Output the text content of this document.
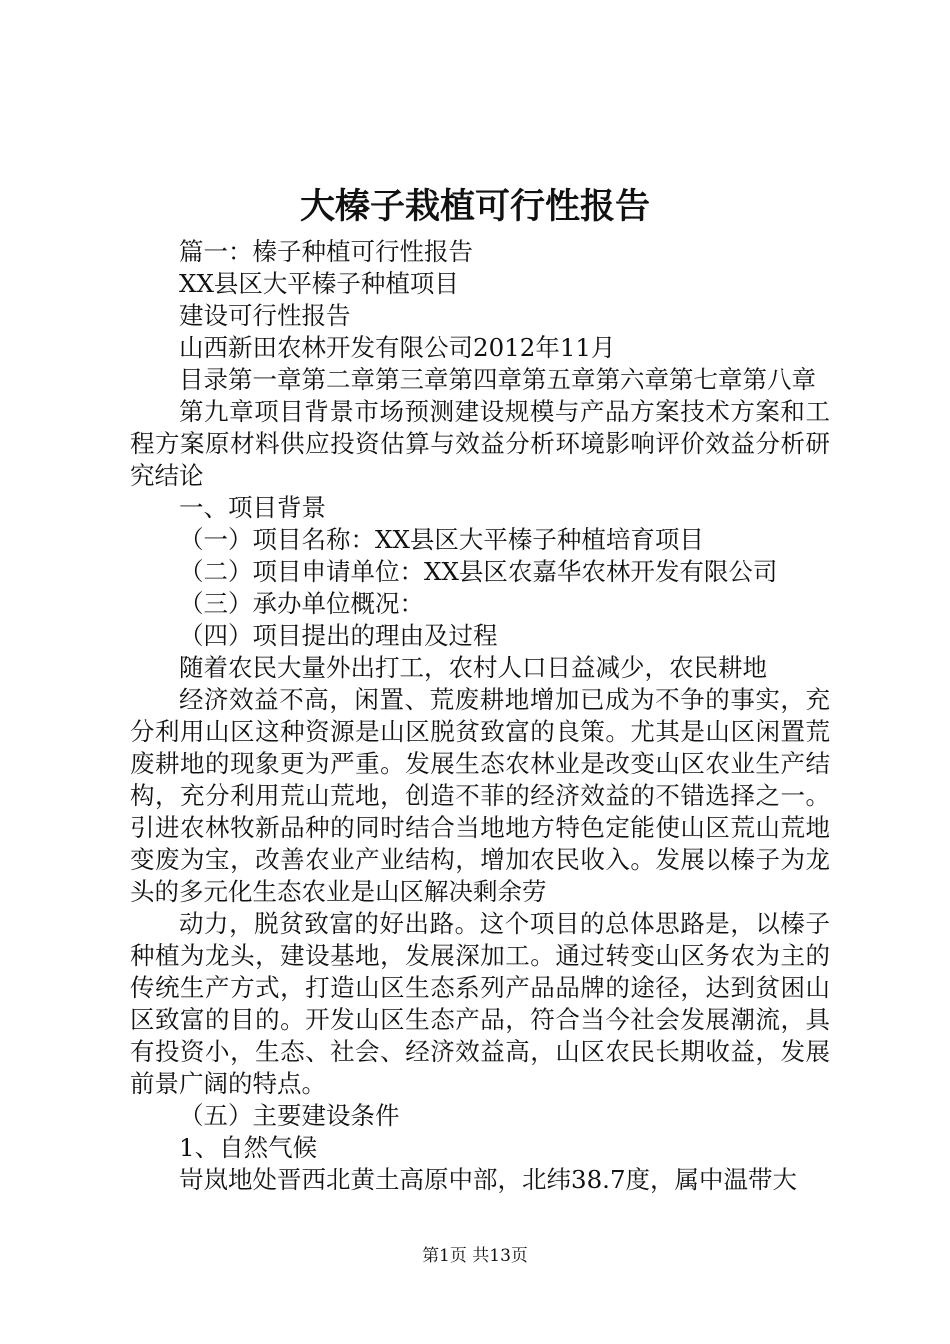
大榛子栽植可行性报告

篇一：榛子种植可行性报告

XX县区大平榛子种植项目

建设可行性报告

山西新田农林开发有限公司2012年11月

目录第一章第二章第三章第四章第五章第六章第七章第八章

第九章项目背景市场预测建设规模与产品方案技术方案和工程方案原材料供应投资估算与效益分析环境影响评价效益分析研究结论

一、项目背景

（一）项目名称：XX县区大平榛子种植培育项目

（二）项目申请单位：XX县区农嘉华农林开发有限公司

（三）承办单位概况：

（四）项目提出的理由及过程

随着农民大量外出打工，农村人口日益减少，农民耕地

经济效益不高，闲置、荒废耕地增加已成为不争的事实，充分利用山区这种资源是山区脱贫致富的良策。尤其是山区闲置荒废耕地的现象更为严重。发展生态农林业是改变山区农业生产结构，充分利用荒山荒地，创造不菲的经济效益的不错选择之一。引进农林牧新品种的同时结合当地地方特色定能使山区荒山荒地变废为宝，改善农业产业结构，增加农民收入。发展以榛子为龙头的多元化生态农业是山区解决剩余劳

动力，脱贫致富的好出路。这个项目的总体思路是，以榛子种植为龙头，建设基地，发展深加工。通过转变山区务农为主的传统生产方式，打造山区生态系列产品品牌的途径，达到贫困山区致富的目的。开发山区生态产品，符合当今社会发展潮流，具有投资小，生态、社会、经济效益高，山区农民长期收益，发展前景广阔的特点。

（五）主要建设条件

1、自然气候

岢岚地处晋西北黄土高原中部，北纬38.7度，属中温带大

第1页 共13页
